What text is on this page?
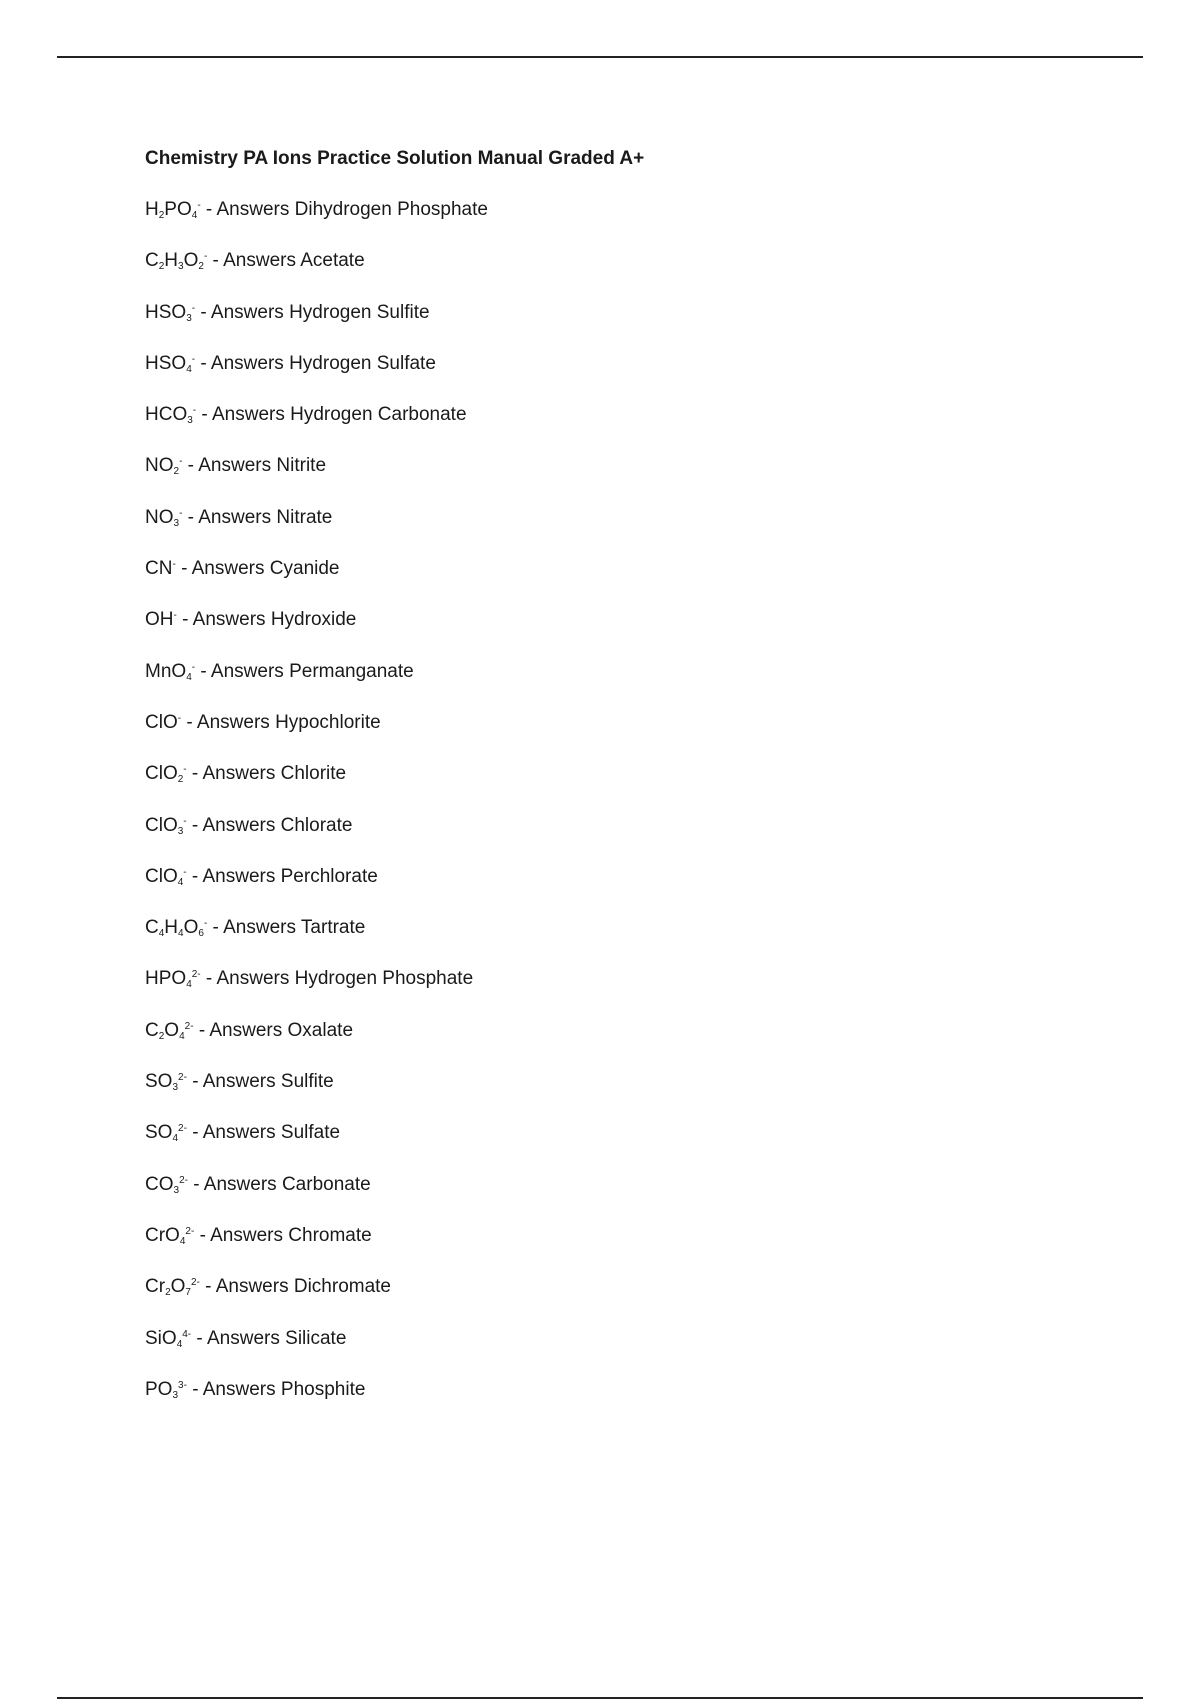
Chemistry PA Ions Practice Solution Manual Graded A+
$H_2PO_4^-$ - Answers Dihydrogen Phosphate
$C_2H_3O_2^-$ - Answers Acetate
$HSO_3^-$ - Answers Hydrogen Sulfite
$HSO_4^-$ - Answers Hydrogen Sulfate
$HCO_3^-$ - Answers Hydrogen Carbonate
$NO_2^-$ - Answers Nitrite
$NO_3^-$ - Answers Nitrate
CN- - Answers Cyanide
OH- - Answers Hydroxide
MnO$_4$- - Answers Permanganate
ClO- - Answers Hypochlorite
ClO$_2$- - Answers Chlorite
ClO$_3$- - Answers Chlorate
ClO$_4$- - Answers Perchlorate
$C_4H_4O_6^-$ - Answers Tartrate
$HPO_4^{2-}$ - Answers Hydrogen Phosphate
$C_2O_4^{2-}$ - Answers Oxalate
$SO_3^{2-}$ - Answers Sulfite
$SO_4^{2-}$ - Answers Sulfate
$CO_3^{2-}$ - Answers Carbonate
CrO$_4^{2-}$ - Answers Chromate
$Cr_2O_7^{2-}$ - Answers Dichromate
SiO$_4^{4-}$ - Answers Silicate
$PO_3^{3-}$ - Answers Phosphite
